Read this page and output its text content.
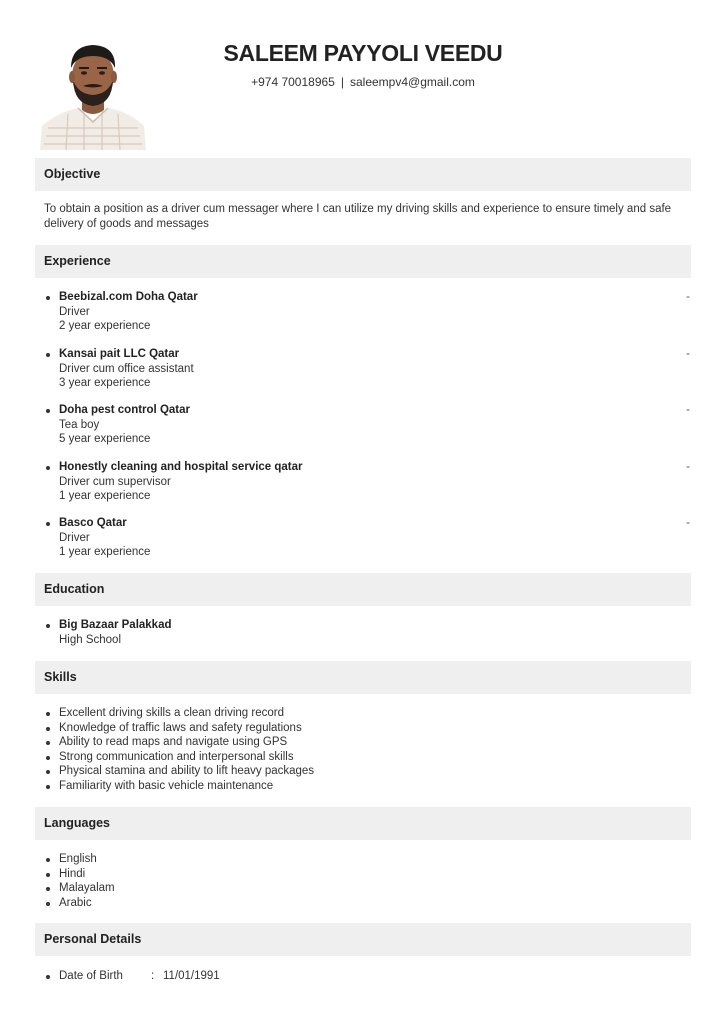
SALEEM PAYYOLI VEEDU
+974 70018965 | saleempv4@gmail.com
Objective
To obtain a position as a driver cum messager where I can utilize my driving skills and experience to ensure timely and safe delivery of goods and messages
Experience
Beebizal.com Doha Qatar
Driver
2 year experience
-
Kansai pait LLC Qatar
Driver cum office assistant
3 year experience
-
Doha pest control Qatar
Tea boy
5 year experience
-
Honestly cleaning and hospital service qatar
Driver cum supervisor
1 year experience
-
Basco Qatar
Driver
1 year experience
-
Education
Big Bazaar Palakkad
High School
Skills
Excellent driving skills a clean driving record
Knowledge of traffic laws and safety regulations
Ability to read maps and navigate using GPS
Strong communication and interpersonal skills
Physical stamina and ability to lift heavy packages
Familiarity with basic vehicle maintenance
Languages
English
Hindi
Malayalam
Arabic
Personal Details
Date of Birth : 11/01/1991
